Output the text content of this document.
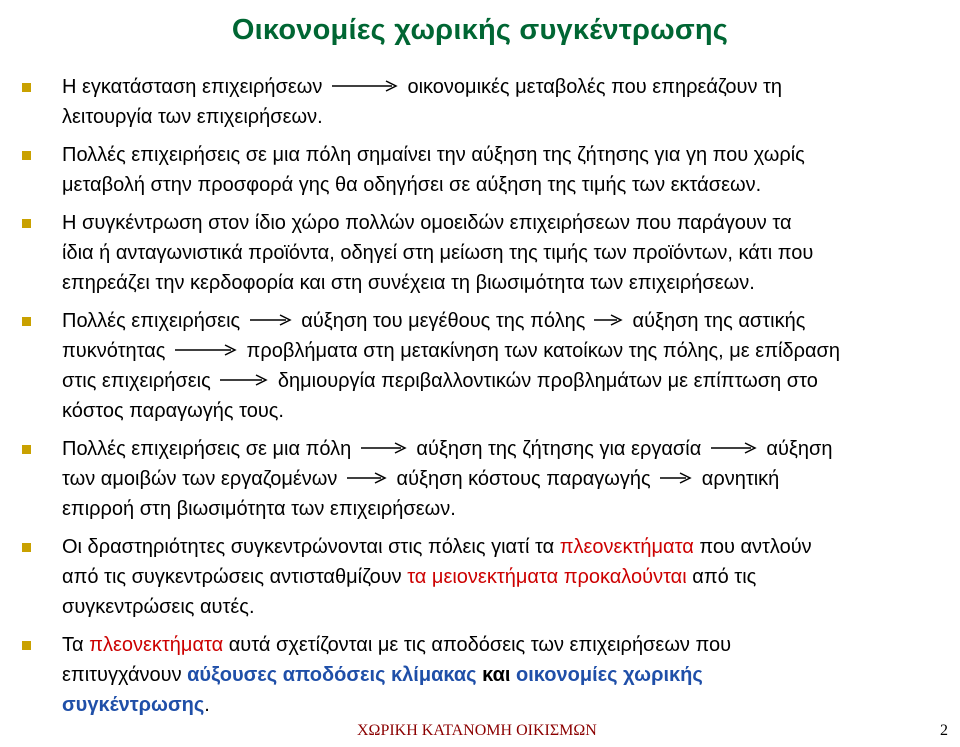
Οικονομίες χωρικής συγκέντρωσης
Η εγκατάσταση επιχειρήσεων	οικονομικές μεταβολές που επηρεάζουν τη
λειτουργία των επιχειρήσεων.
Πολλές επιχειρήσεις σε μια πόλη σημαίνει την αύξηση της ζήτησης για γη που χωρίς
μεταβολή στην προσφορά γης θα οδηγήσει σε αύξηση της τιμής των εκτάσεων.
Η συγκέντρωση στον ίδιο χώρο πολλών ομοειδών επιχειρήσεων που παράγουν τα
ίδια ή ανταγωνιστικά προϊόντα, οδηγεί στη μείωση της τιμής των προϊόντων, κάτι που
επηρεάζει την κερδοφορία και στη συνέχεια τη βιωσιμότητα των επιχειρήσεων.
Πολλές επιχειρήσεις	αύξηση του μεγέθους της πόλης αύξηση της αστικής
πυκνότητας	προβλήματα στη μετακίνηση των κατοίκων της πόλης, με επίδραση
στις επιχειρήσεις	δημιουργία περιβαλλοντικών προβλημάτων με επίπτωση στο
κόστος παραγωγής τους.
Πολλές επιχειρήσεις σε μια πόλη	αύξηση της ζήτησης για εργασία	αύξηση
των αμοιβών των εργαζομένων	αύξηση κόστους παραγωγής	αρνητική
επιρροή στη βιωσιμότητα των επιχειρήσεων.
Οι δραστηριότητες συγκεντρώνονται στις πόλεις γιατί τα πλεονεκτήματα που αντλούν
από τις συγκεντρώσεις αντισταθμίζουν τα μειονεκτήματα προκαλούνται από τις
συγκεντρώσεις αυτές.
Τα πλεονεκτήματα αυτά σχετίζονται με τις αποδόσεις των επιχειρήσεων που
επιτυγχάνουν αύξουσες αποδόσεις κλίμακας και οικονομίες χωρικής
συγκέντρωσης.
ΧΩΡΙΚΗ ΚΑΤΑΝΟΜΗ ΟΙΚΙΣΜΩΝ	2
